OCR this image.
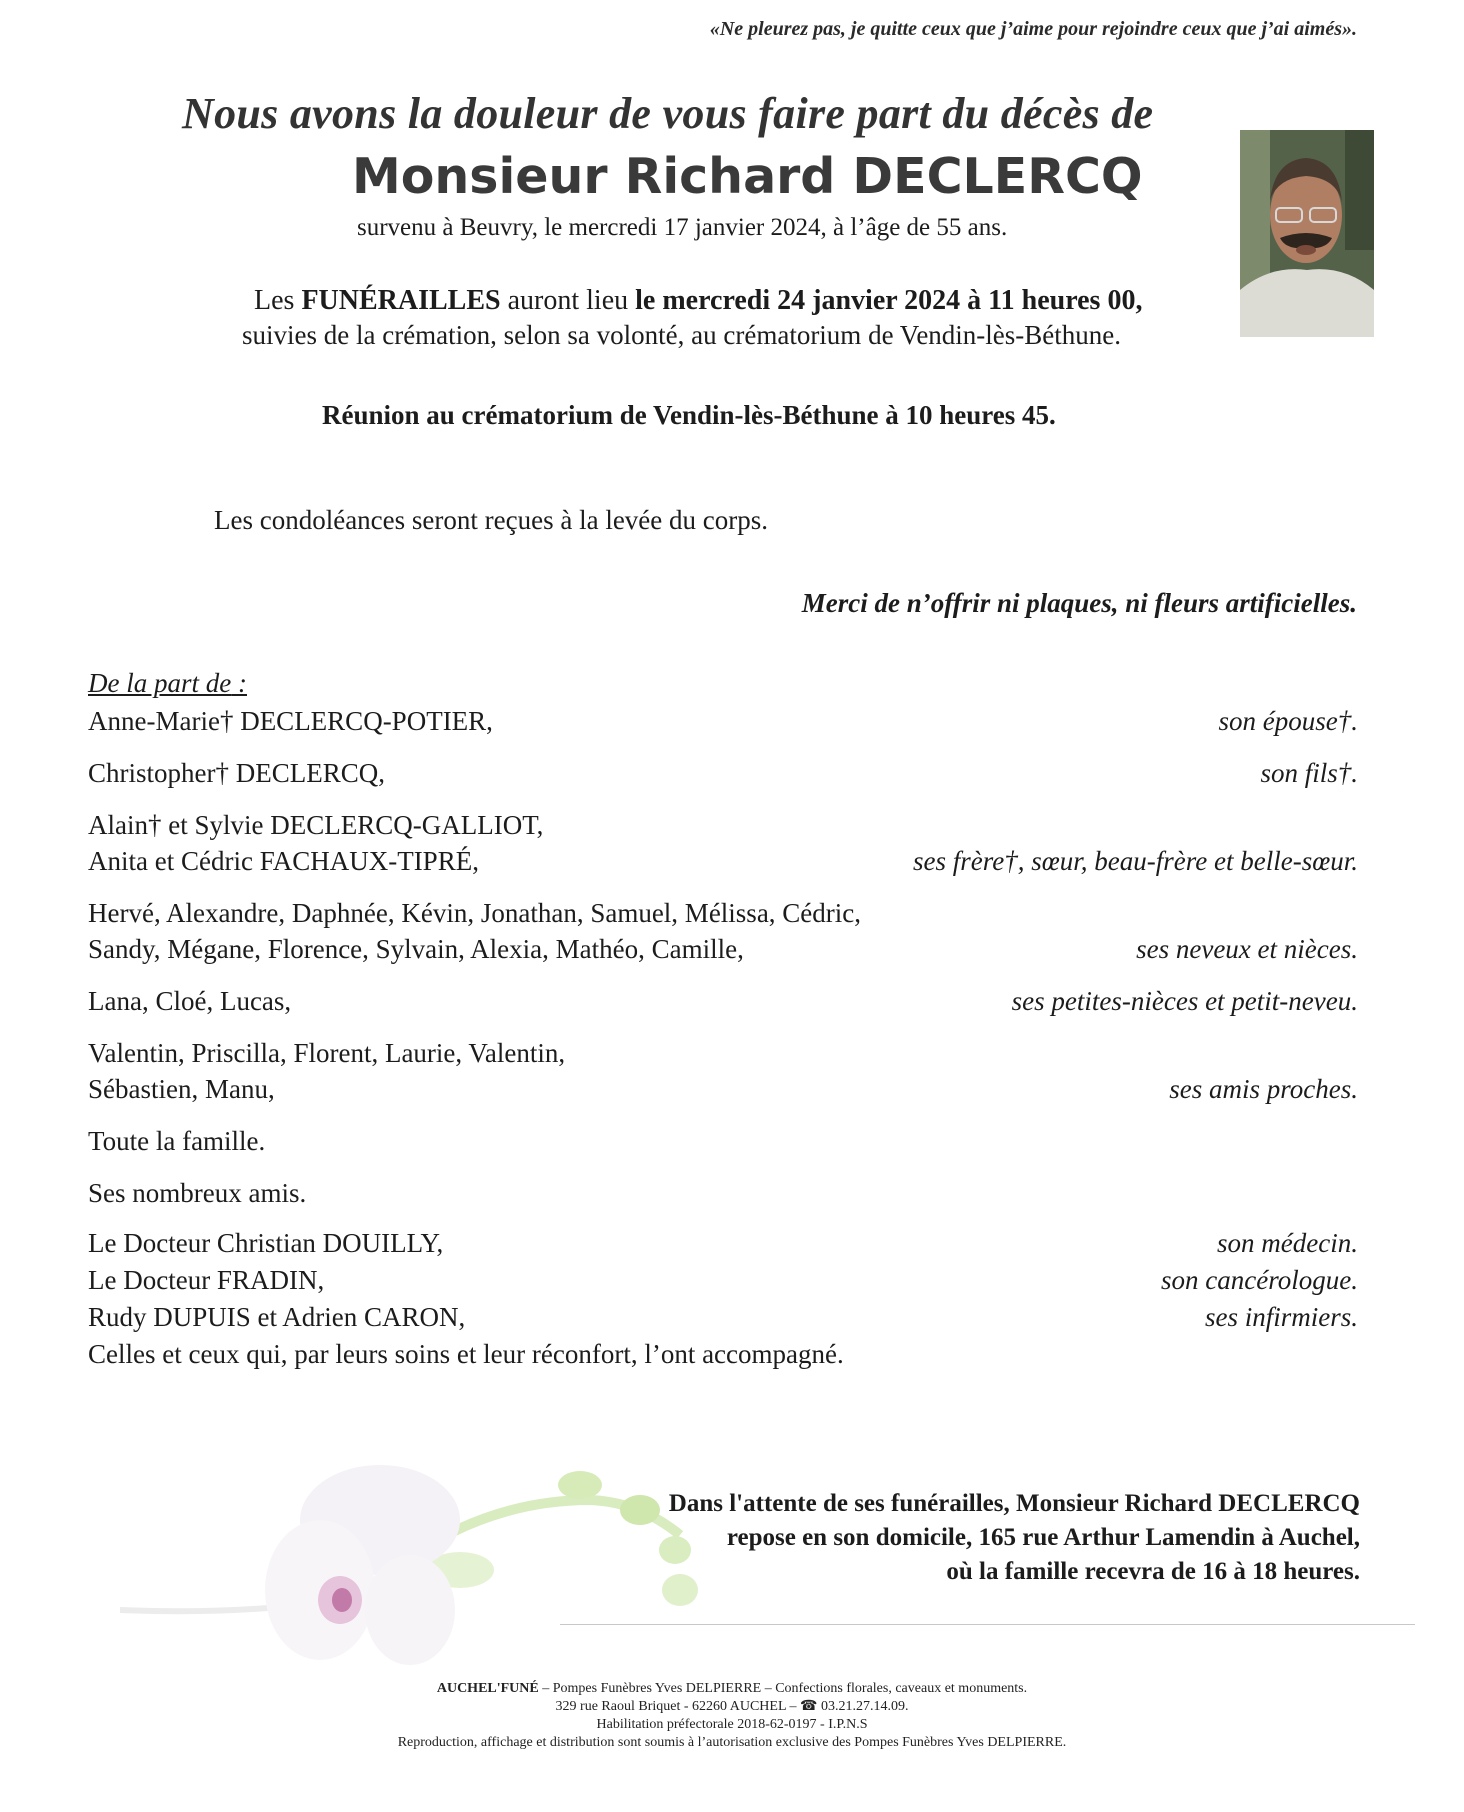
«Ne pleurez pas, je quitte ceux que j’aime pour rejoindre ceux que j’ai aimés».
Nous avons la douleur de vous faire part du décès de
Monsieur Richard DECLERCQ
survenu à Beuvry, le mercredi 17 janvier 2024, à l’âge de 55 ans.
Les FUNÉRAILLES auront lieu le mercredi 24 janvier 2024 à 11 heures 00,
suivies de la crémation, selon sa volonté, au crématorium de Vendin-lès-Béthune.
Réunion au crématorium de Vendin-lès-Béthune à 10 heures 45.
Les condoléances seront reçues à la levée du corps.
Merci de n’offrir ni plaques, ni fleurs artificielles.
De la part de :
Anne-Marie† DECLERCQ-POTIER,	son épouse†.
Christopher† DECLERCQ,	son fils†.
Alain† et Sylvie DECLERCQ-GALLIOT,
Anita et Cédric FACHAUX-TIPRÉ,	ses frère†, sœur, beau-frère et belle-sœur.
Hervé, Alexandre, Daphnée, Kévin, Jonathan, Samuel, Mélissa, Cédric,
Sandy, Mégane, Florence, Sylvain, Alexia, Mathéo, Camille,	ses neveux et nièces.
Lana, Cloé, Lucas,	ses petites-nièces et petit-neveu.
Valentin, Priscilla, Florent, Laurie, Valentin,
Sébastien, Manu,	ses amis proches.
Toute la famille.
Ses nombreux amis.
Le Docteur Christian DOUILLY,	son médecin.
Le Docteur FRADIN,	son cancérologue.
Rudy DUPUIS et Adrien CARON,	ses infirmiers.
Celles et ceux qui, par leurs soins et leur réconfort, l’ont accompagné.
Dans l'attente de ses funérailles, Monsieur Richard DECLERCQ
repose en son domicile, 165 rue Arthur Lamendin à Auchel,
où la famille recevra de 16 à 18 heures.
AUCHEL'FUNÉ – Pompes Funèbres Yves DELPIERRE – Confections florales, caveaux et monuments.
329 rue Raoul Briquet - 62260 AUCHEL – ☎ 03.21.27.14.09.
Habilitation préfectorale 2018-62-0197 - I.P.N.S
Reproduction, affichage et distribution sont soumis à l’autorisation exclusive des Pompes Funèbres Yves DELPIERRE.
